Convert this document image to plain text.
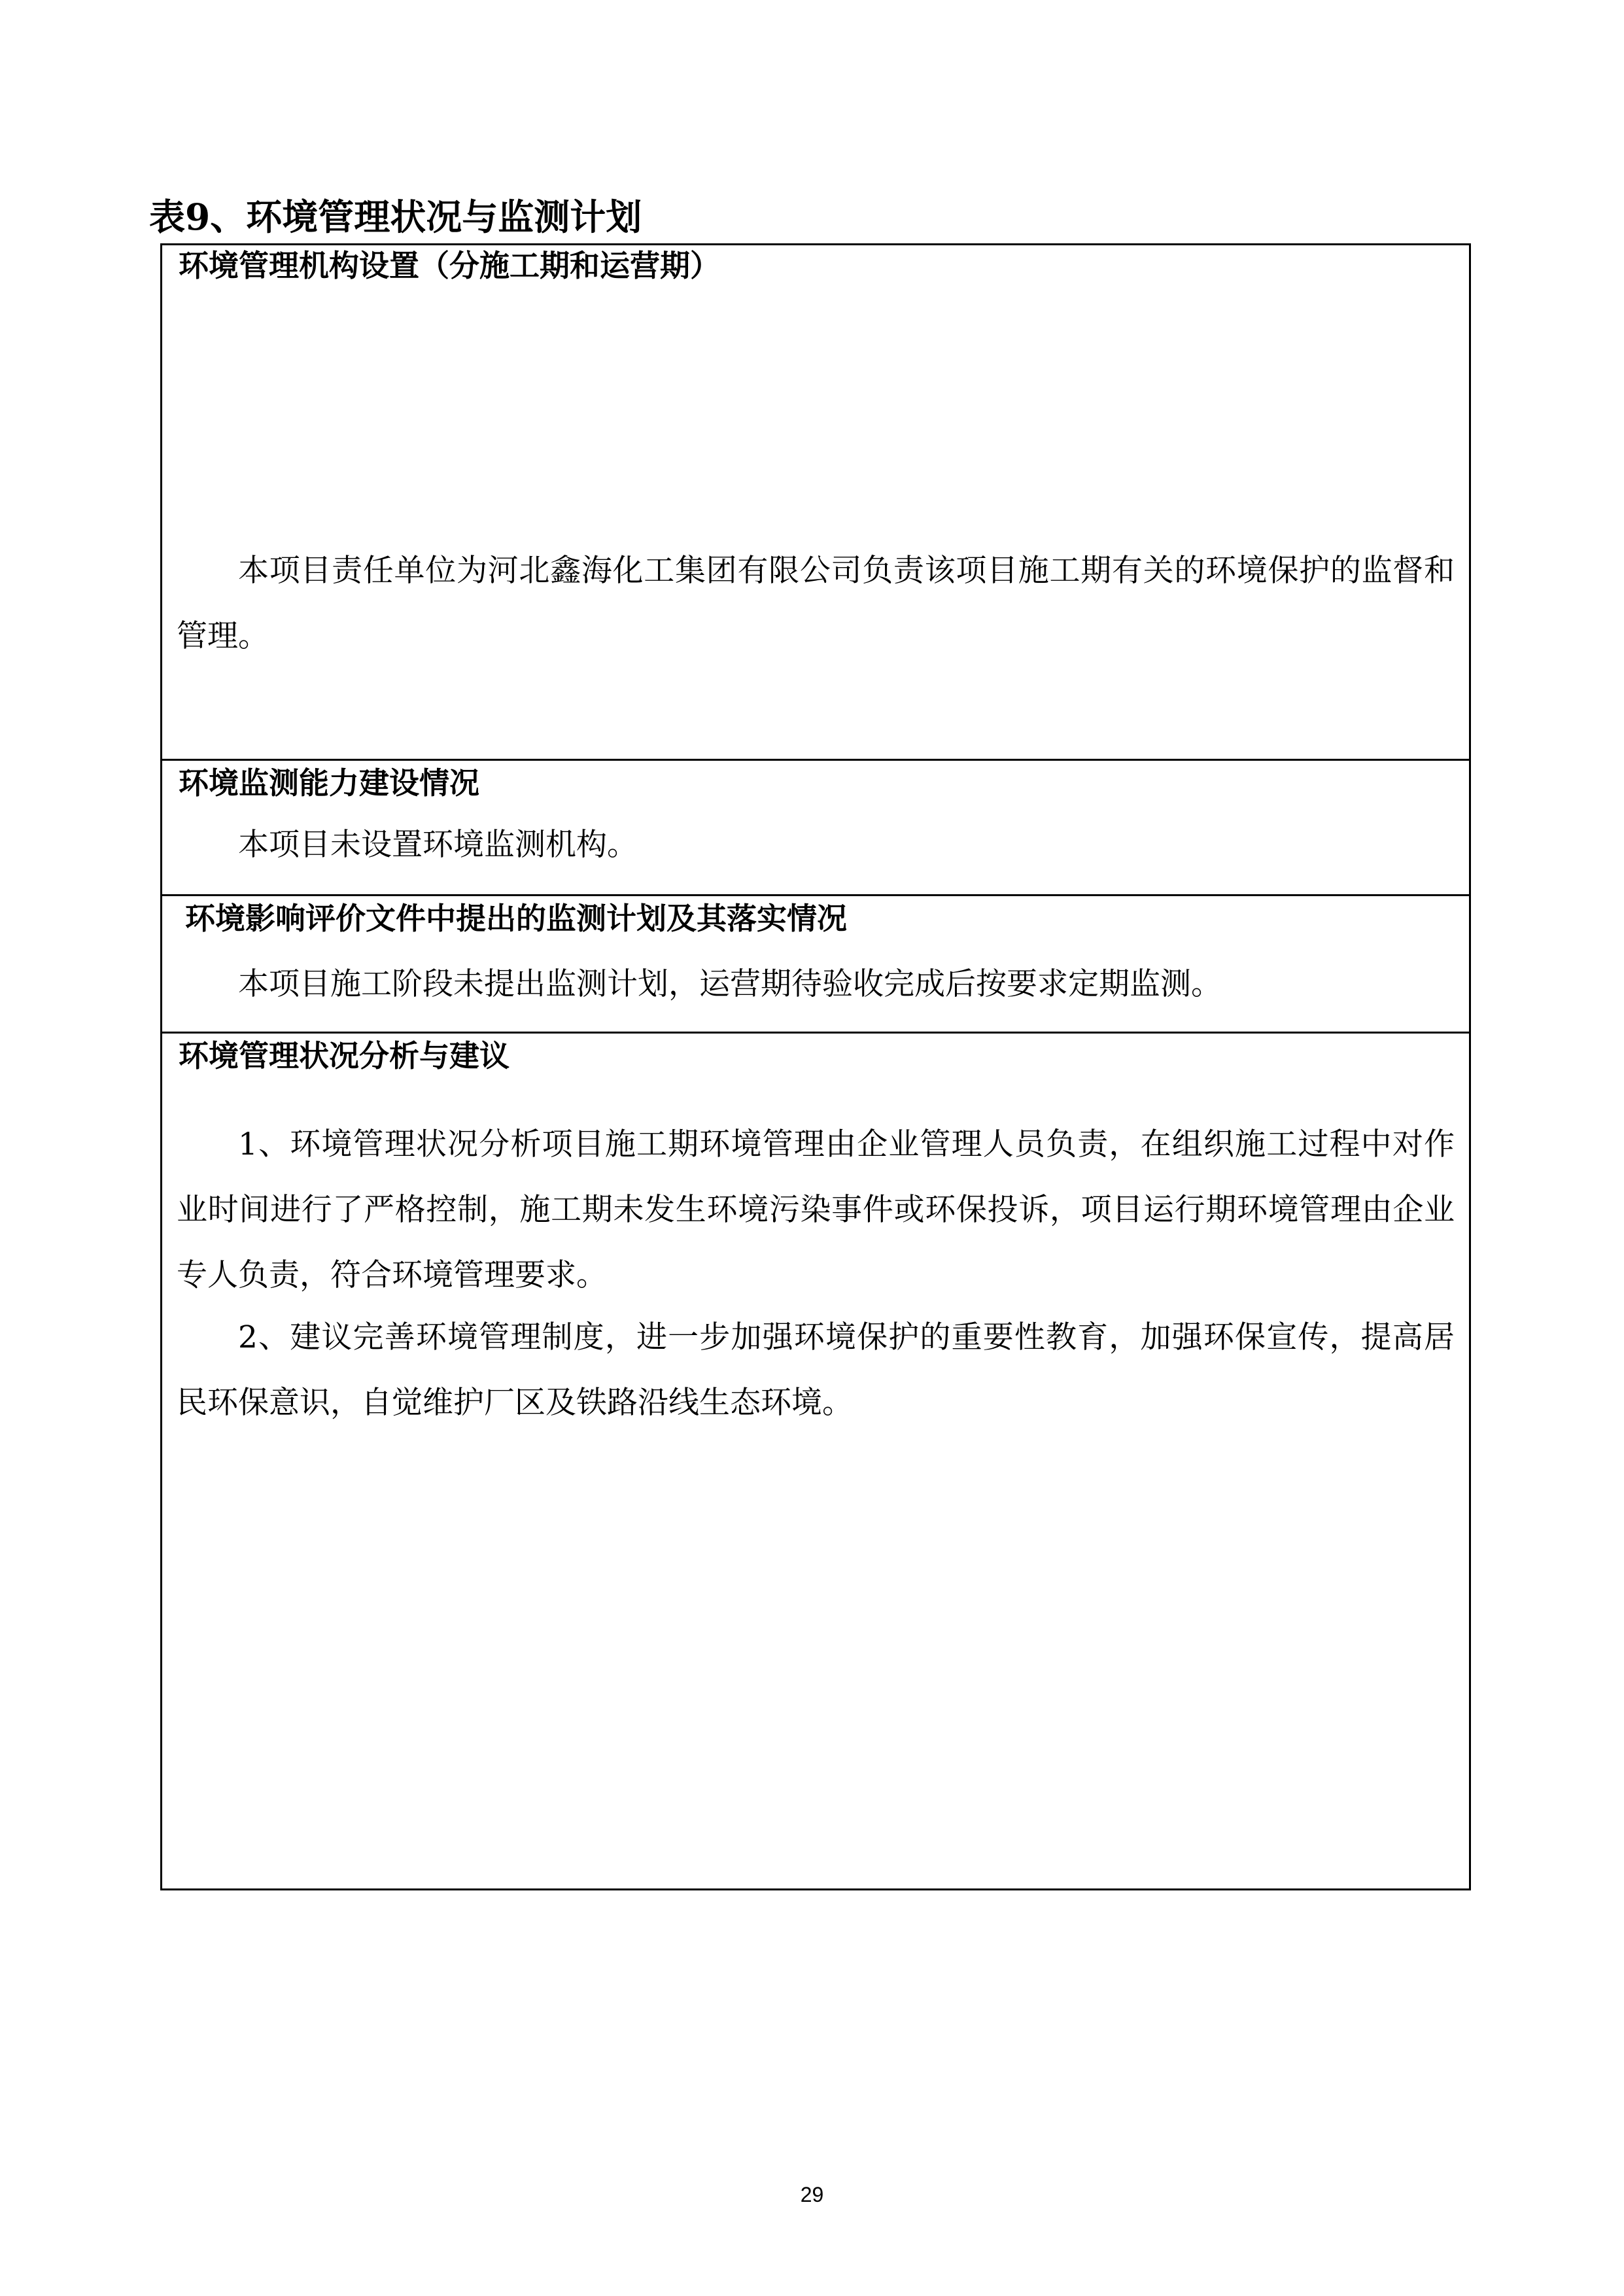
表9、环境管理状况与监测计划
环境管理机构设置（分施工期和运营期）
本项目责任单位为河北鑫海化工集团有限公司负责该项目施工期有关的环境保护的监督和管理。
环境监测能力建设情况
本项目未设置环境监测机构。
环境影响评价文件中提出的监测计划及其落实情况
本项目施工阶段未提出监测计划，运营期待验收完成后按要求定期监测。
环境管理状况分析与建议
1、环境管理状况分析项目施工期环境管理由企业管理人员负责，在组织施工过程中对作业时间进行了严格控制，施工期未发生环境污染事件或环保投诉，项目运行期环境管理由企业专人负责，符合环境管理要求。
2、建议完善环境管理制度，进一步加强环境保护的重要性教育，加强环保宣传，提高居民环保意识，自觉维护厂区及铁路沿线生态环境。
29
